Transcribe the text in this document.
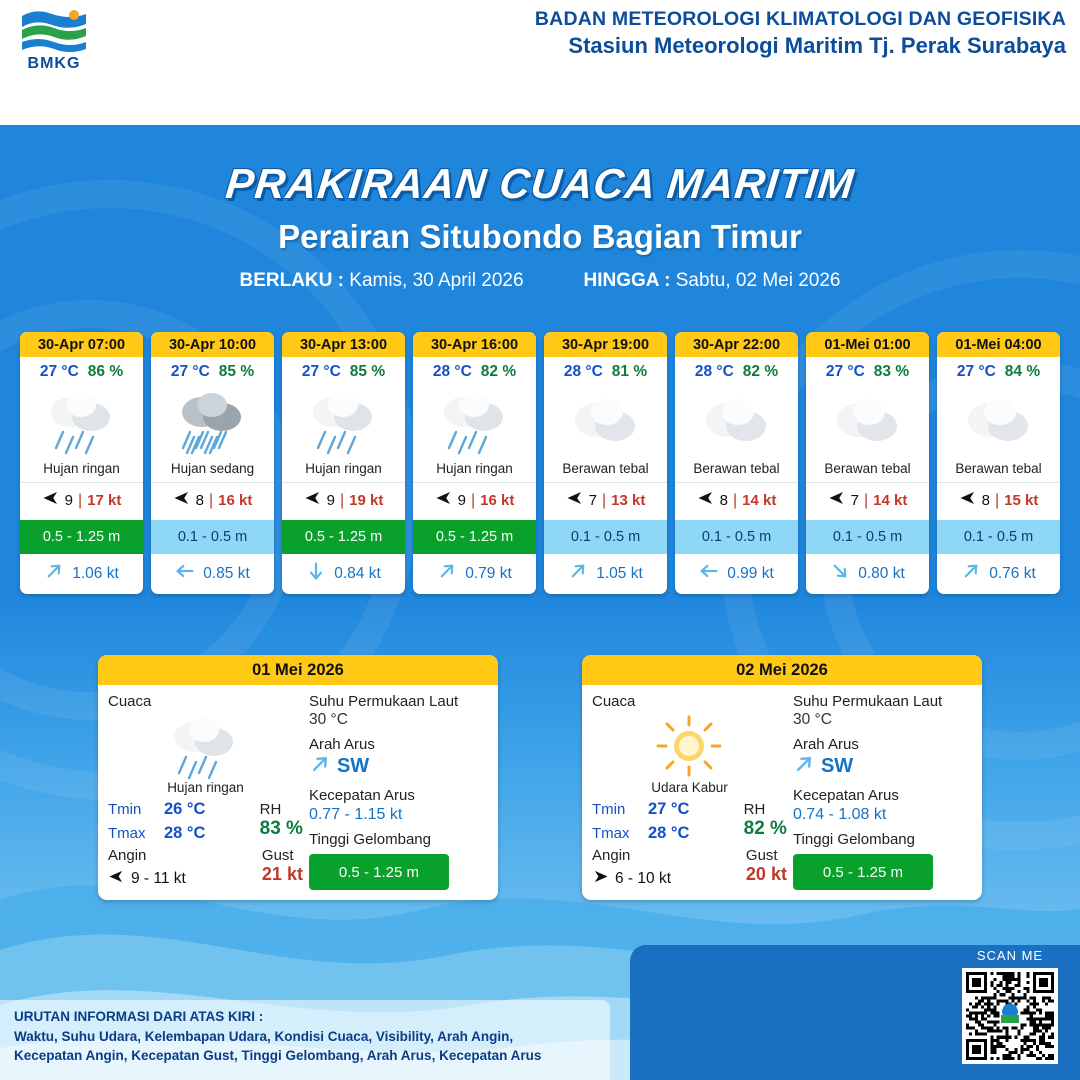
BMKG
BADAN METEOROLOGI KLIMATOLOGI DAN GEOFISIKA
Stasiun Meteorologi Maritim Tj. Perak Surabaya
PRAKIRAAN CUACA MARITIM
Perairan Situbondo Bagian Timur
BERLAKU : Kamis, 30 April 2026	HINGGA : Sabtu, 02 Mei 2026
30-Apr 07:00
27 °C 86 %
Hujan ringan
9 | 17 kt
0.5 - 1.25 m
1.06 kt
30-Apr 10:00
27 °C 85 %
Hujan sedang
8 | 16 kt
0.1 - 0.5 m
0.85 kt
30-Apr 13:00
27 °C 85 %
Hujan ringan
9 | 19 kt
0.5 - 1.25 m
0.84 kt
30-Apr 16:00
28 °C 82 %
Hujan ringan
9 | 16 kt
0.5 - 1.25 m
0.79 kt
30-Apr 19:00
28 °C 81 %
Berawan tebal
7 | 13 kt
0.1 - 0.5 m
1.05 kt
30-Apr 22:00
28 °C 82 %
Berawan tebal
8 | 14 kt
0.1 - 0.5 m
0.99 kt
01-Mei 01:00
27 °C 83 %
Berawan tebal
7 | 14 kt
0.1 - 0.5 m
0.80 kt
01-Mei 04:00
27 °C 84 %
Berawan tebal
8 | 15 kt
0.1 - 0.5 m
0.76 kt
01 Mei 2026
Cuaca
Hujan ringan
Tmin	26 °C
Tmax	28 °C
RH
83 %
Angin
9 - 11 kt
Gust
21 kt
Suhu Permukaan Laut
30 °C
Arah Arus
SW
Kecepatan Arus
0.77 - 1.15 kt
Tinggi Gelombang
0.5 - 1.25 m
02 Mei 2026
Cuaca
Udara Kabur
Tmin	27 °C
Tmax	28 °C
RH
82 %
Angin
6 - 10 kt
Gust
20 kt
Suhu Permukaan Laut
30 °C
Arah Arus
SW
Kecepatan Arus
0.74 - 1.08 kt
Tinggi Gelombang
0.5 - 1.25 m
URUTAN INFORMASI DARI ATAS KIRI :
Waktu, Suhu Udara, Kelembapan Udara, Kondisi Cuaca, Visibility, Arah Angin,
Kecepatan Angin, Kecepatan Gust, Tinggi Gelombang, Arah Arus, Kecepatan Arus
SCAN ME
